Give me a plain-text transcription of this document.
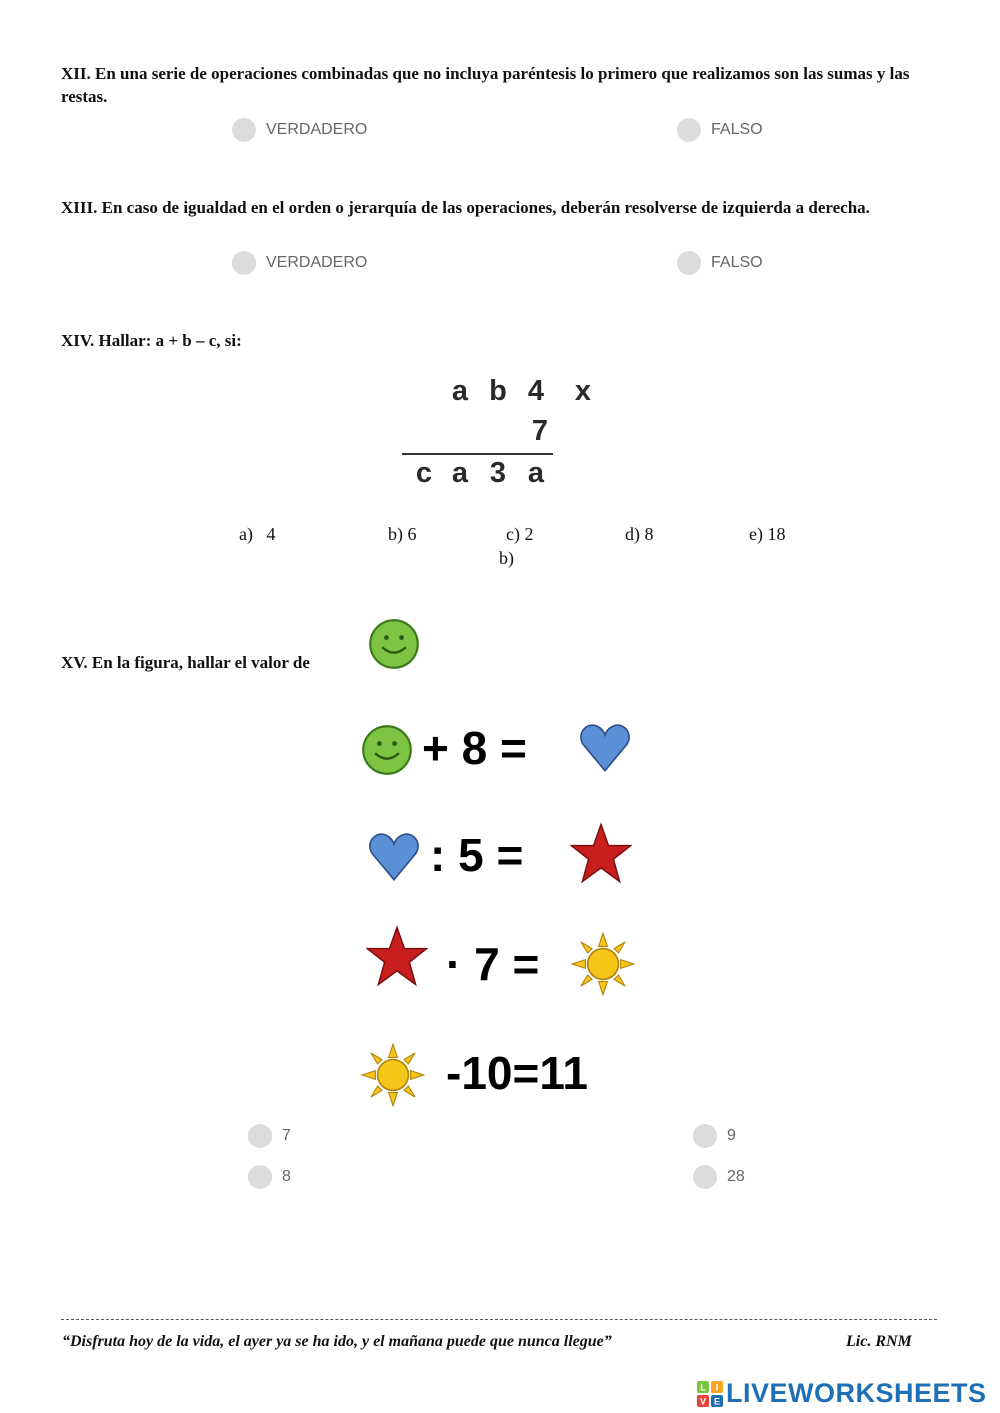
XII. En una serie de operaciones combinadas que no incluya paréntesis lo primero que realizamos son las sumas y las restas.
VERDADERO	FALSO
XIII. En caso de igualdad en el orden o jerarquía de las operaciones, deberán resolverse de izquierda a derecha.
VERDADERO	FALSO
XIV. Hallar: a + b – c, si:
a b 4 x
7
c a 3 a
a)   4	b) 6	c) 2	d) 8	e) 18
b)
XV. En la figura, hallar el valor de
+ 8 =
: 5 =
· 7 =
-10=11
7	9
8	28
“Disfruta hoy de la vida, el ayer ya se ha ido, y el mañana puede que nunca llegue”	Lic. RNM
L I
V E LIVEWORKSHEETS
